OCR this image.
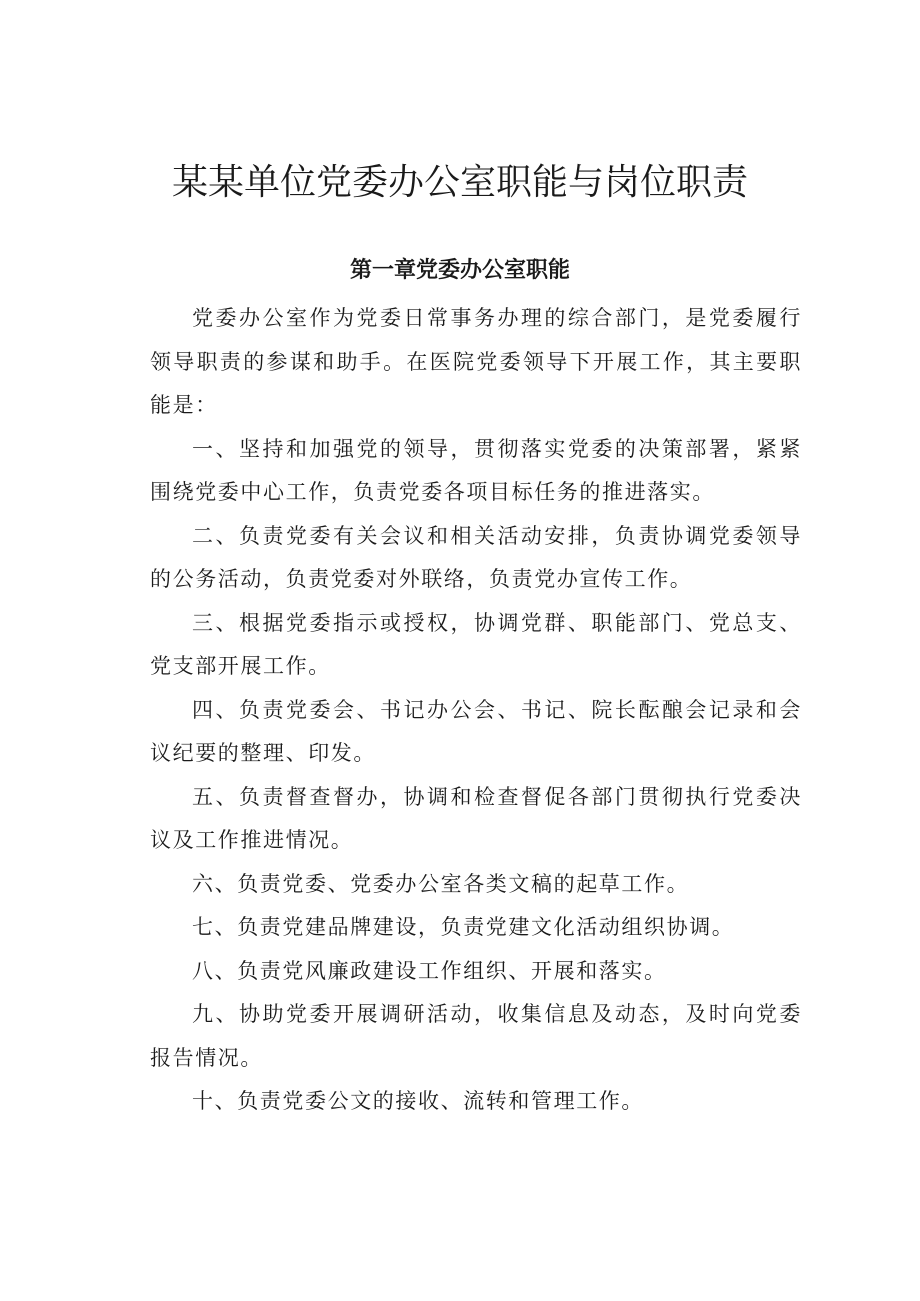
某某单位党委办公室职能与岗位职责
第一章党委办公室职能

党委办公室作为党委日常事务办理的综合部门，是党委履行领导职责的参谋和助手。在医院党委领导下开展工作，其主要职能是：

一、坚持和加强党的领导，贯彻落实党委的决策部署，紧紧围绕党委中心工作，负责党委各项目标任务的推进落实。

二、负责党委有关会议和相关活动安排，负责协调党委领导的公务活动，负责党委对外联络，负责党办宣传工作。

三、根据党委指示或授权，协调党群、职能部门、党总支、党支部开展工作。

四、负责党委会、书记办公会、书记、院长酝酿会记录和会议纪要的整理、印发。

五、负责督查督办，协调和检查督促各部门贯彻执行党委决议及工作推进情况。

六、负责党委、党委办公室各类文稿的起草工作。

七、负责党建品牌建设，负责党建文化活动组织协调。

八、负责党风廉政建设工作组织、开展和落实。

九、协助党委开展调研活动，收集信息及动态，及时向党委报告情况。

十、负责党委公文的接收、流转和管理工作。
